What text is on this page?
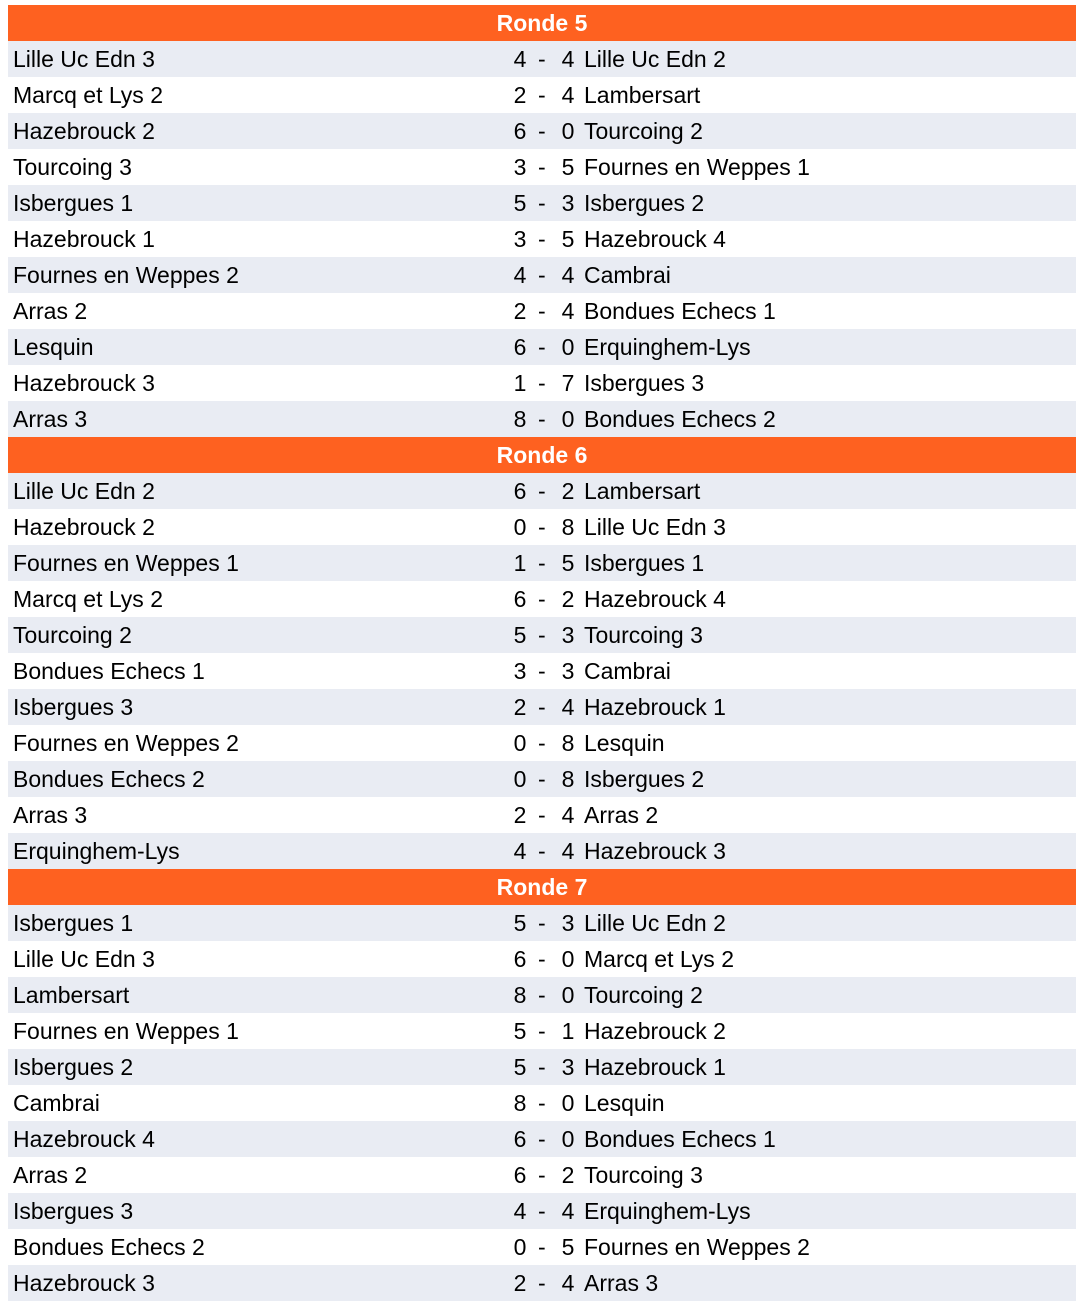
Ronde 5
Lille Uc Edn 3	4 - 4 Lille Uc Edn 2
Marcq et Lys 2	2 - 4 Lambersart
Hazebrouck 2	6 - 0 Tourcoing 2
Tourcoing 3	3 - 5 Fournes en Weppes 1
Isbergues 1	5 - 3 Isbergues 2
Hazebrouck 1	3 - 5 Hazebrouck 4
Fournes en Weppes 2	4 - 4 Cambrai
Arras 2	2 - 4 Bondues Echecs 1
Lesquin	6 - 0 Erquinghem-Lys
Hazebrouck 3	1 - 7 Isbergues 3
Arras 3	8 - 0 Bondues Echecs 2
Ronde 6
Lille Uc Edn 2	6 - 2 Lambersart
Hazebrouck 2	0 - 8 Lille Uc Edn 3
Fournes en Weppes 1	1 - 5 Isbergues 1
Marcq et Lys 2	6 - 2 Hazebrouck 4
Tourcoing 2	5 - 3 Tourcoing 3
Bondues Echecs 1	3 - 3 Cambrai
Isbergues 3	2 - 4 Hazebrouck 1
Fournes en Weppes 2	0 - 8 Lesquin
Bondues Echecs 2	0 - 8 Isbergues 2
Arras 3	2 - 4 Arras 2
Erquinghem-Lys	4 - 4 Hazebrouck 3
Ronde 7
Isbergues 1	5 - 3 Lille Uc Edn 2
Lille Uc Edn 3	6 - 0 Marcq et Lys 2
Lambersart	8 - 0 Tourcoing 2
Fournes en Weppes 1	5 - 1 Hazebrouck 2
Isbergues 2	5 - 3 Hazebrouck 1
Cambrai	8 - 0 Lesquin
Hazebrouck 4	6 - 0 Bondues Echecs 1
Arras 2	6 - 2 Tourcoing 3
Isbergues 3	4 - 4 Erquinghem-Lys
Bondues Echecs 2	0 - 5 Fournes en Weppes 2
Hazebrouck 3	2 - 4 Arras 3
